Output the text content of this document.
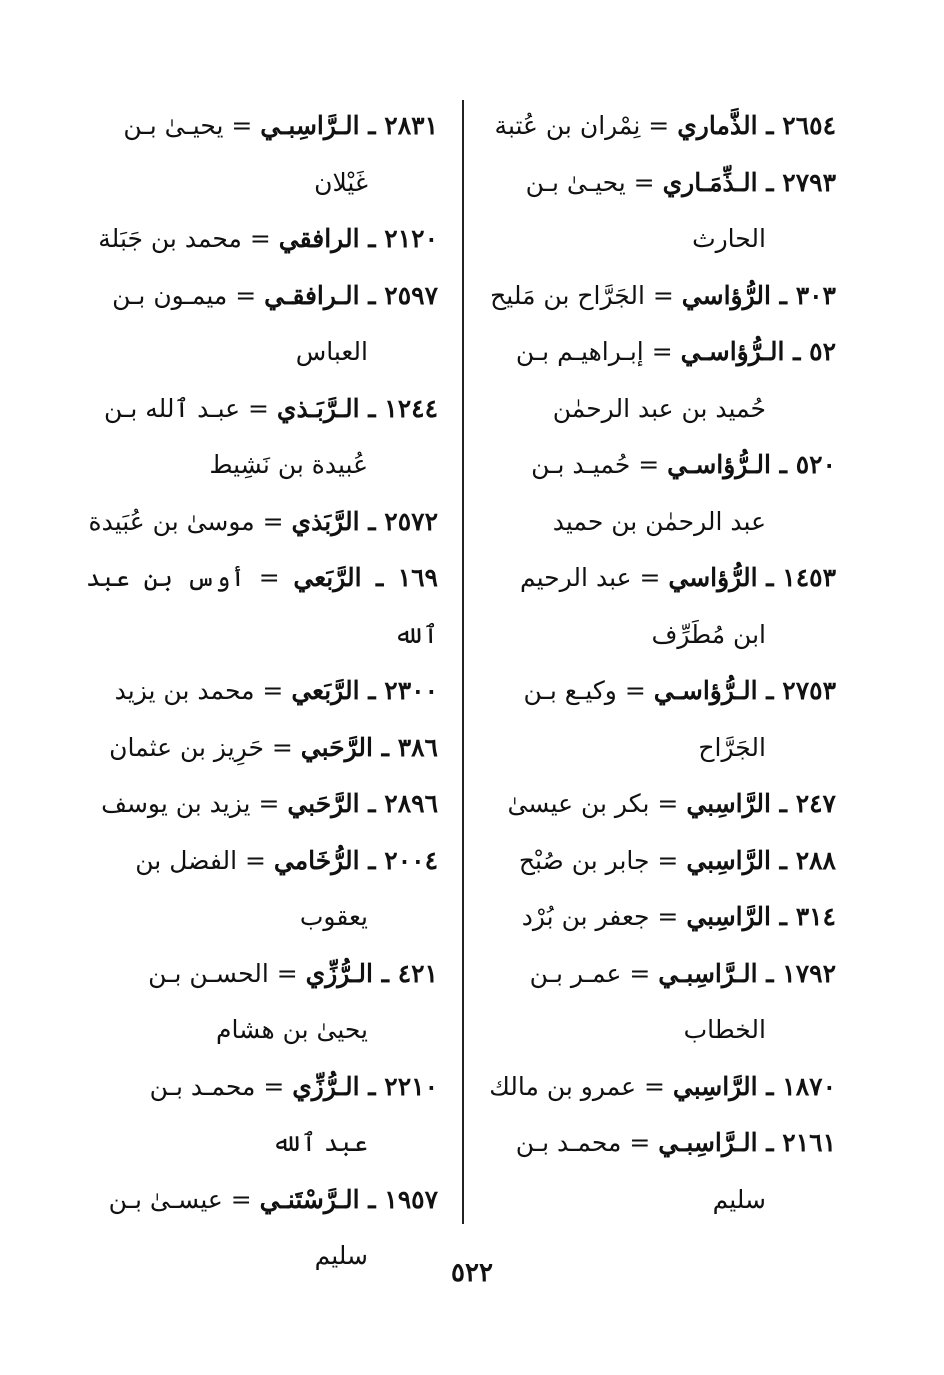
٢٦٥٤ ـ الذَّماري = نِمْران بن عُتبة
٢٧٩٣ ـ الـذِّمَـاري = يحيـىٰ بـن
الحارث
٣٠٣ ـ الرُّؤاسي = الجَرَّاح بن مَليح
٥٢ ـ الـرُّؤاسـي = إبـراهيـم بـن
حُميد بن عبد الرحمٰن
٥٢٠ ـ الـرُّؤاسـي = حُميـد بـن
عبد الرحمٰن بن حميد
١٤٥٣ ـ الرُّؤاسي = عبد الرحيم
ابن مُطَرِّف
٢٧٥٣ ـ الـرُّؤاسـي = وكيـع بـن
الجَرَّاح
٢٤٧ ـ الرَّاسِبي = بكر بن عيسىٰ
٢٨٨ ـ الرَّاسِبي = جابر بن صُبْح
٣١٤ ـ الرَّاسِبي = جعفر بن بُرْد
١٧٩٢ ـ الـرَّاسِبـي = عمـر بـن
الخطاب
١٨٧٠ ـ الرَّاسِبي = عمرو بن مالك
٢١٦١ ـ الـرَّاسِبـي = محمـد بـن
سليم
٢٨٣١ ـ الـرَّاسِبـي = يحيـىٰ بـن
غَيْلان
٢١٢٠ ـ الرافقي = محمد بن جَبَلة
٢٥٩٧ ـ الـرافقـي = ميمـون بـن
العباس
١٢٤٤ ـ الـرَّبَـذي = عبـد ٱلله بـن
عُبيدة بن نَشِيط
٢٥٧٢ ـ الرَّبَذي = موسىٰ بن عُبَيدة
١٦٩ ـ الرَّبَعي = أوس بن عبد ٱلله
٢٣٠٠ ـ الرَّبَعي = محمد بن يزيد
٣٨٦ ـ الرَّحَبي = حَرِيز بن عثمان
٢٨٩٦ ـ الرَّحَبي = يزيد بن يوسف
٢٠٠٤ ـ الرُّخَامي = الفضل بن
يعقوب
٤٢١ ـ الـرُّزِّي = الحسـن بـن
يحيىٰ بن هشام
٢٢١٠ ـ الـرُّزِّي = محمـد بـن
عبد ٱلله
١٩٥٧ ـ الـرَّسْتَنـي = عيسـىٰ بـن
سليم
٥٢٢
